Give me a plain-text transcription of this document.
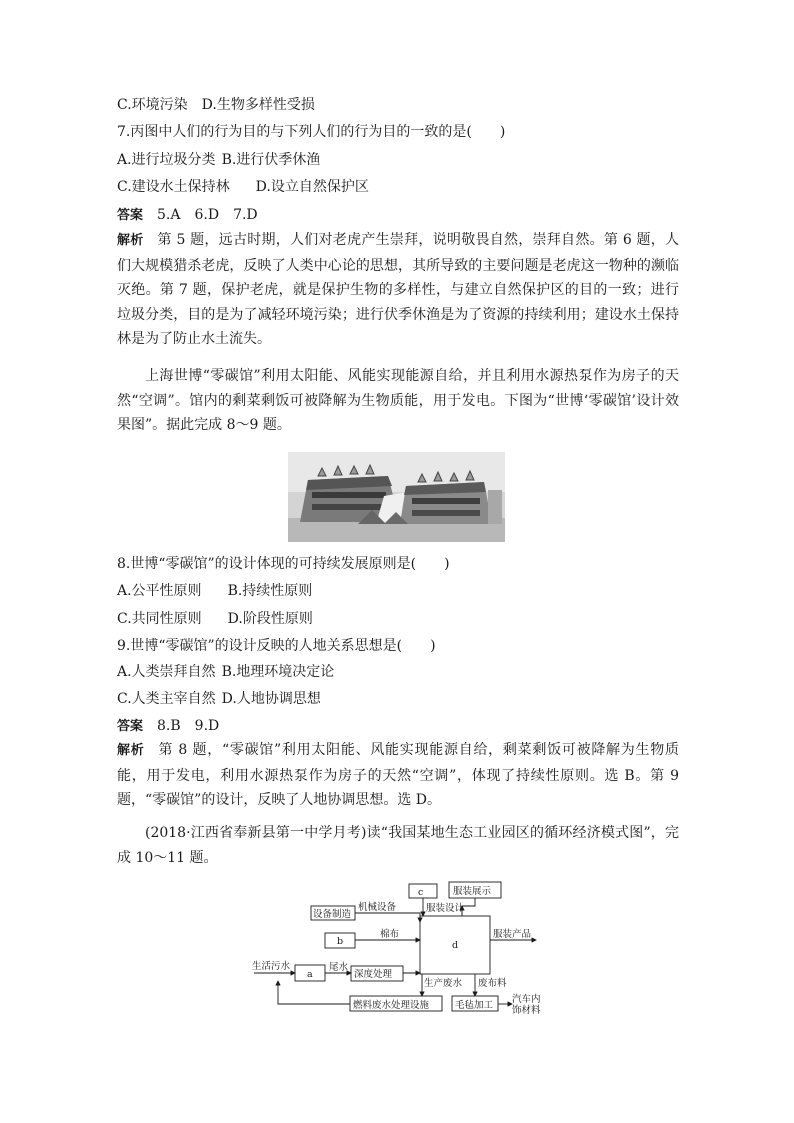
C.环境污染　D.生物多样性受损
7.丙图中人们的行为目的与下列人们的行为目的一致的是(　　)
A.进行垃圾分类 B.进行伏季休渔
C.建设水土保持林 D.设立自然保护区
答案 5.A　6.D　7.D
解析 第 5 题，远古时期，人们对老虎产生崇拜，说明敬畏自然，崇拜自然。第 6 题，人们大规模猎杀老虎，反映了人类中心论的思想，其所导致的主要问题是老虎这一物种的濒临灭绝。第 7 题，保护老虎，就是保护生物的多样性，与建立自然保护区的目的一致；进行垃圾分类，目的是为了减轻环境污染；进行伏季休渔是为了资源的持续利用；建设水土保持林是为了防止水土流失。
上海世博“零碳馆”利用太阳能、风能实现能源自给，并且利用水源热泵作为房子的天然“空调”。馆内的剩菜剩饭可被降解为生物质能，用于发电。下图为“世博‘零碳馆’设计效果图”。据此完成 8～9 题。
8.世博“零碳馆”的设计体现的可持续发展原则是(　　)
A.公平性原则 B.持续性原则
C.共同性原则 D.阶段性原则
9.世博“零碳馆”的设计反映的人地关系思想是(　　)
A.人类崇拜自然 B.地理环境决定论
C.人类主宰自然 D.人地协调思想
答案 8.B　9.D
解析 第 8 题，“零碳馆”利用太阳能、风能实现能源自给，剩菜剩饭可被降解为生物质能，用于发电，利用水源热泵作为房子的天然“空调”，体现了持续性原则。选 B。第 9 题，“零碳馆”的设计，反映了人地协调思想。选 D。
(2018·江西省奉新县第一中学月考)读“我国某地生态工业园区的循环经济模式图”，完成 10～11 题。
c	服装展示
设备制造
机械设备	服装设计
b
棉布
d
服装产品
生活污水
a
尾水
深度处理
生产废水 废布料
燃料废水处理设施	毛毡加工
汽车内
饰材料
